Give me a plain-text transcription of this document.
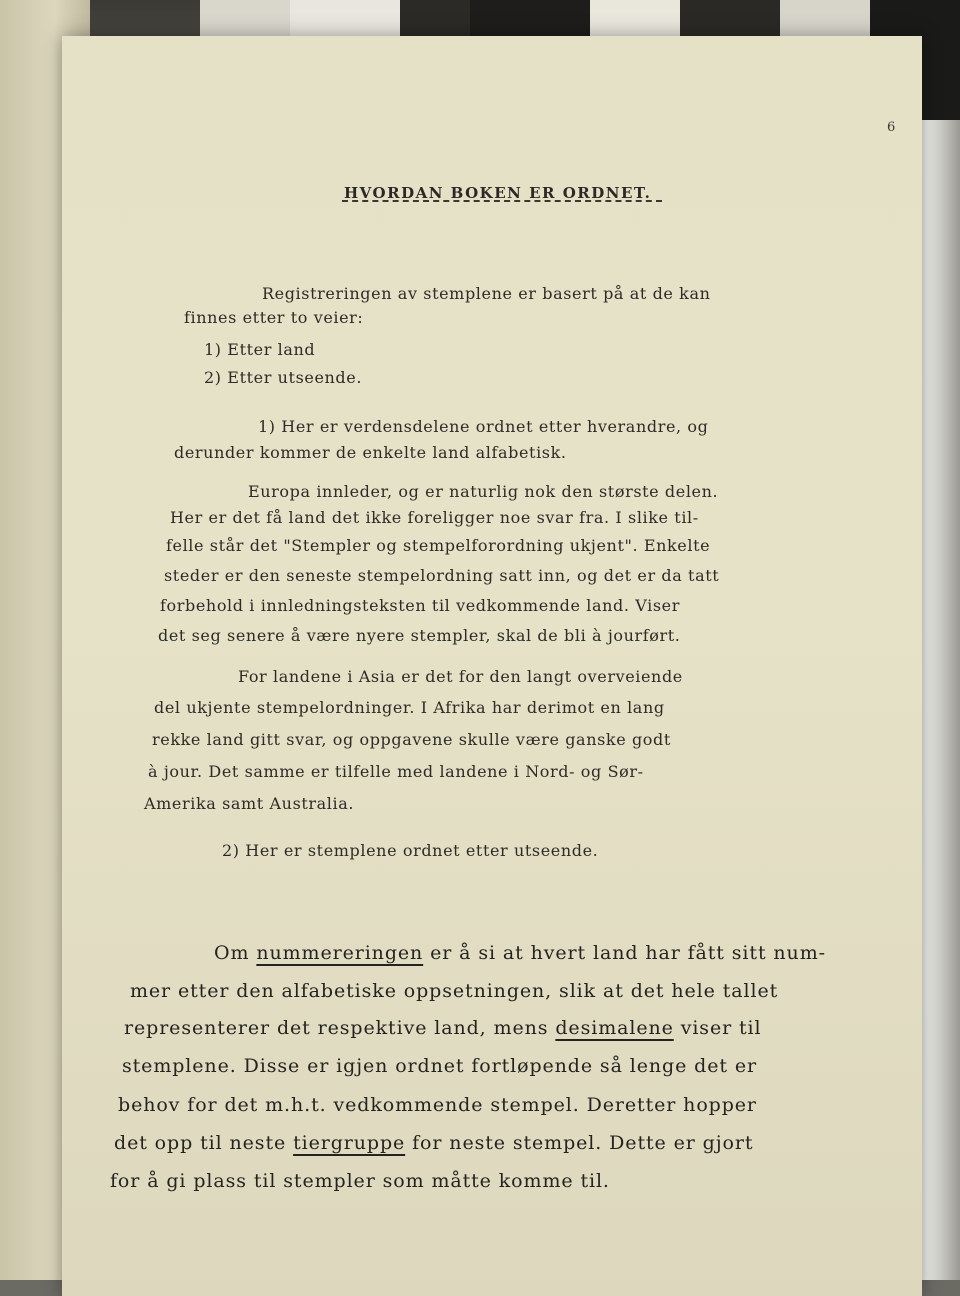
6
HVORDAN BOKEN ER ORDNET.
Registreringen av stemplene er basert på at de kan
finnes etter to veier:
1) Etter land
2) Etter utseende.
1) Her er verdensdelene ordnet etter hverandre, og
derunder kommer de enkelte land alfabetisk.
Europa innleder, og er naturlig nok den største delen.
Her er det få land det ikke foreligger noe svar fra. I slike til-
felle står det "Stempler og stempelforordning ukjent". Enkelte
steder er den seneste stempelordning satt inn, og det er da tatt
forbehold i innledningsteksten til vedkommende land. Viser
det seg senere å være nyere stempler, skal de bli à jourført.
For landene i Asia er det for den langt overveiende
del ukjente stempelordninger. I Afrika har derimot en lang
rekke land gitt svar, og oppgavene skulle være ganske godt
à jour. Det samme er tilfelle med landene i Nord- og Sør-
Amerika samt Australia.
2) Her er stemplene ordnet etter utseende.
Om nummereringen er å si at hvert land har fått sitt num-
mer etter den alfabetiske oppsetningen, slik at det hele tallet
representerer det respektive land, mens desimalene viser til
stemplene. Disse er igjen ordnet fortløpende så lenge det er
behov for det m.h.t. vedkommende stempel. Deretter hopper
det opp til neste tiergruppe for neste stempel. Dette er gjort
for å gi plass til stempler som måtte komme til.
